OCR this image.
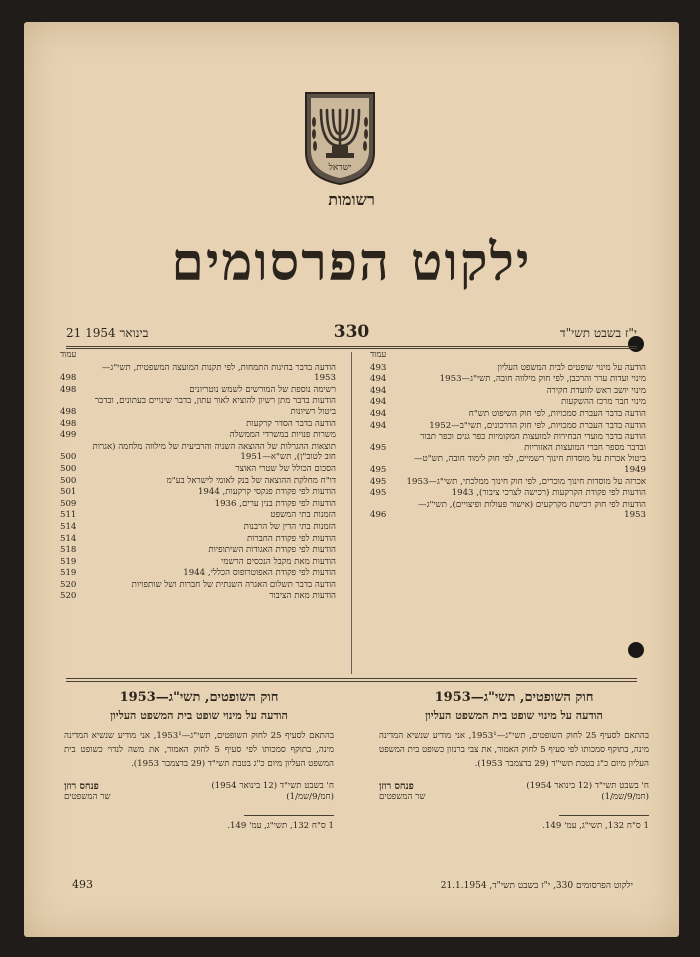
ישראל
רשומות
ילקוט הפרסומים
330
21 בינואר 1954	י"ז בשבט תשי"ד
עמוד
הודעה על מינוי שופטים לבית המשפט העליון
493
מינוי ועדות ערר והרכבן, לפי חוק מילווה חובה, תשי"ג—1953
494
מינוי יושב ראש לוועדת חקירה
494
מינוי חבר מרכז ההשקעות
494
הודעה בדבר העברת סמכויות, לפי חוק השיפוט תש"ח
494
הודעה בדבר העברת סמכויות, לפי חוק הדרכונים, תשי"ב—1952
494
הודעה בדבר מועדי הבחירות למועצות המקומיות כפר גנים וכפר תבור ובדבר מספר חברי המועצות האזוריות
495
ביטול אכרזת על מוסדות חינוך רשמיים, לפי חוק לימוד חובה, תש"ט—1949
495
אכרזה על מוסדות חינוך מוכרים, לפי חוק חינוך ממלכתי, תשי"ג—1953
495
הודעות לפי פקודת הקרקעות (רכישה לצרכי ציבור), 1943
495
הודעות לפי חוק רכישת מקרקעים (אישור פעולות ופיצויים), תשי"ג—1953
496
עמוד
הודעה בדבר בחינות התמחות, לפי תקנות המועצה המשפטית, תשי"ג—1953
498
רשימה נוספת של המורשים לשמש נוטריונים
498
הודעות בדבר מתן רשיון להוציא לאור עתון, בדבר שינויים בעתונים, ובדבר ביטול רשיונות
498
הודעה בדבר הסדר קרקעות
498
משרות פנויות במשרדי הממשלה
499
תוצאות ההגרלות של ההוצאה השניה והרביעית של מילווה מלחמה (אגרות חוב לטוב"ן), תש"א—1951
500
הסכום הכולל של שטרי האוצר
500
דו"ח מחלקת ההוצאה של בנק לאומי לישראל בע"מ
500
הודעות לפי פקודת פנקסי קרקעות, 1944
501
הודעות לפי פקודת בנין ערים, 1936
509
הזמנות בתי המשפט
511
הזמנות בתי הדין של הרבנות
514
הודעות לפי פקודת החברות
514
הודעות לפי פקודת האגודות השיתופיות
518
הודעות מאת מקבל הנכסים הרשמי
519
הודעות לפי פקודת האפוטרופוס הכללי, 1944
519
הודעה בדבר תשלום האגרה השנתית של חברות ושל שותפויות
520
הודעות מאת הציבור
520
חוק השופטים, תשי"ג—1953
הודעה על מינוי שופט בית המשפט העליון
בהתאם לסעיף 25 לחוק השופטים, תשי"ג—1953¹, אני מודיע שנשיא המדינה מינה, בתוקף סמכותו לפי סעיף 5 לחוק האמור, את צבי ברנזון כשופט בית המשפט העליון מיום כ"ג בטבת תשי"ד (29 בדצמבר 1953).
ח' בשבט תשי"ד (12 בינואר 1954)
(חמ/9/שמ/1)
פנחס רוזן
שר המשפטים
1 ס"ח 132, תשי"ג, עמ' 149.
חוק השופטים, תשי"ג—1953
הודעה על מינוי שופט בית המשפט העליון
בהתאם לסעיף 25 לחוק השופטים, תשי"ג—1953¹, אני מודיע שנשיא המדינה מינה, בתוקף סמכותו לפי סעיף 5 לחוק האמור, את משה לנדוי כשופט בית המשפט העליון מיום כ"ג בטבת תשי"ד (29 בדצמבר 1953).
ח' בשבט תשי"ד (12 בינואר 1954)
(חמ/9/שמ/1)
פנחס רוזן
שר המשפטים
1 ס"ח 132, תשי"ג, עמ' 149.
493	ילקוט הפרסומים 330, י"ז בשבט תשי"ד, 21.1.1954
